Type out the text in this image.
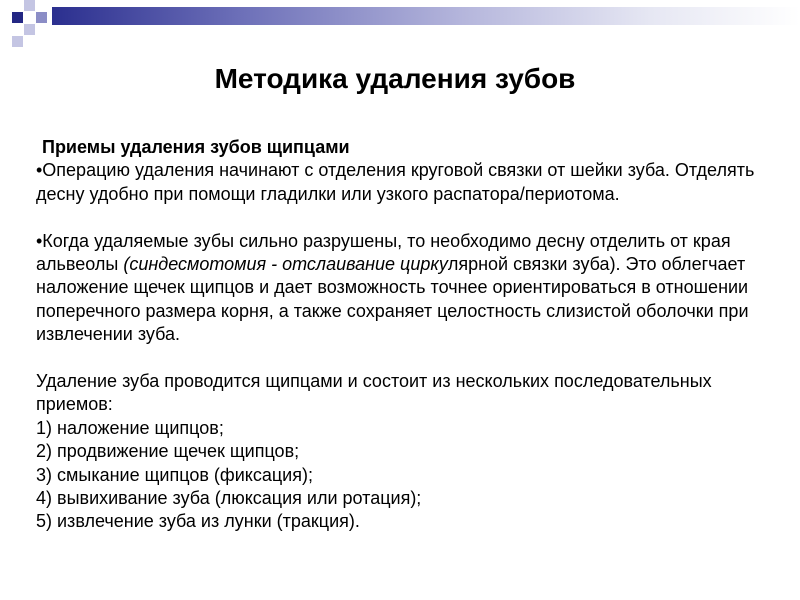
Методика удаления зубов

Приемы удаления зубов щипцами

•Операцию удаления начинают с отделения круговой связки от шейки зуба. Отделять десну удобно при помощи гладилки или узкого распатора/периотома.

•Когда удаляемые зубы сильно разрушены, то необходимо десну отделить от края альвеолы (синдесмотомия - отслаивание циркулярной связки зуба). Это облегчает наложение щечек щипцов и дает возможность точнее ориентироваться в отношении поперечного размера корня, а также сохраняет целостность слизистой оболочки при извлечении зуба.

Удаление зуба проводится щипцами и состоит из нескольких последовательных приемов:

1) наложение щипцов;

2) продвижение щечек щипцов;

3) смыкание щипцов (фиксация);

4) вывихивание зуба (люксация или ротация);

5) извлечение зуба из лунки (тракция).
